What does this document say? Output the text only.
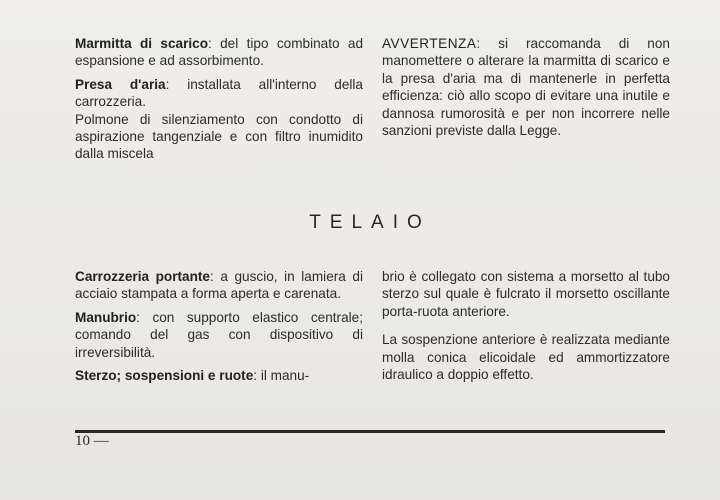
Marmitta di scarico: del tipo combinato ad espansione e ad assorbimento.

Presa d'aria: installata all'interno della carrozzeria.

Polmone di silenziamento con condotto di aspirazione tangenziale e con filtro inumidito dalla miscela

AVVERTENZA: si raccomanda di non manomettere o alterare la marmitta di scarico e la presa d'aria ma di mantenerle in perfetta efficienza: ciò allo scopo di evitare una inutile e dannosa rumorosità e per non incorrere nelle sanzioni previste dalla Legge.

TELAIO

Carrozzeria portante: a guscio, in lamiera di acciaio stampata a forma aperta e carenata.

Manubrio: con supporto elastico centrale; comando del gas con dispositivo di irreversibilità.

Sterzo; sospensioni e ruote: il manu-

brio è collegato con sistema a morsetto al tubo sterzo sul quale è fulcrato il morsetto oscillante porta-ruota anteriore.

La sospenzione anteriore è realizzata mediante molla conica elicoidale ed ammortizzatore idraulico a doppio effetto.

10 —
